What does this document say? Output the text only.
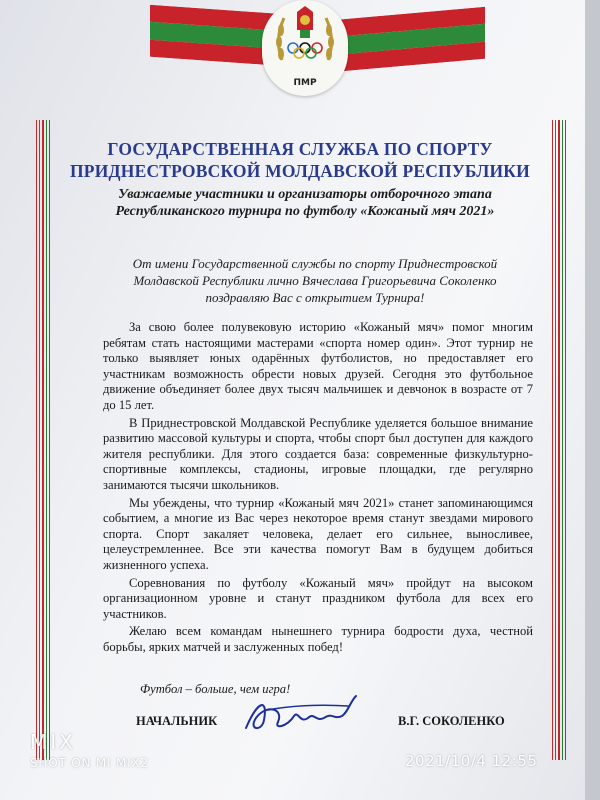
ПМР
ГОСУДАРСТВЕННАЯ СЛУЖБА ПО СПОРТУ
ПРИДНЕСТРОВСКОЙ МОЛДАВСКОЙ РЕСПУБЛИКИ
Уважаемые участники и организаторы отборочного этапа Республиканского турнира по футболу «Кожаный мяч 2021»
От имени Государственной службы по спорту Приднестровской Молдавской Республики лично Вячеслава Григорьевича Соколенко поздравляю Вас с открытием Турнира!

За свою более полувековую историю «Кожаный мяч» помог многим ребятам стать настоящими мастерами «спорта номер один». Этот турнир не только выявляет юных одарённых футболистов, но предоставляет его участникам возможность обрести новых друзей. Сегодня это футбольное движение объединяет более двух тысяч мальчишек и девчонок в возрасте от 7 до 15 лет.

В Приднестровской Молдавской Республике уделяется большое внимание развитию массовой культуры и спорта, чтобы спорт был доступен для каждого жителя республики. Для этого создается база: современные физкультурно-спортивные комплексы, стадионы, игровые площадки, где регулярно занимаются тысячи школьников.

Мы убеждены, что турнир «Кожаный мяч 2021» станет запоминающимся событием, а многие из Вас через некоторое время станут звездами мирового спорта. Спорт закаляет человека, делает его сильнее, выносливее, целеустремленнее. Все эти качества помогут Вам в будущем добиться жизненного успеха.

Соревнования по футболу «Кожаный мяч» пройдут на высоком организационном уровне и станут праздником футбола для всех его участников.

Желаю всем командам нынешнего турнира бодрости духа, честной борьбы, ярких матчей и заслуженных побед!

Футбол – больше, чем игра!
НАЧАЛЬНИК	В.Г. СОКОЛЕНКО
MIX
SHOT ON MI MIX2	2021/10/4 12:55
